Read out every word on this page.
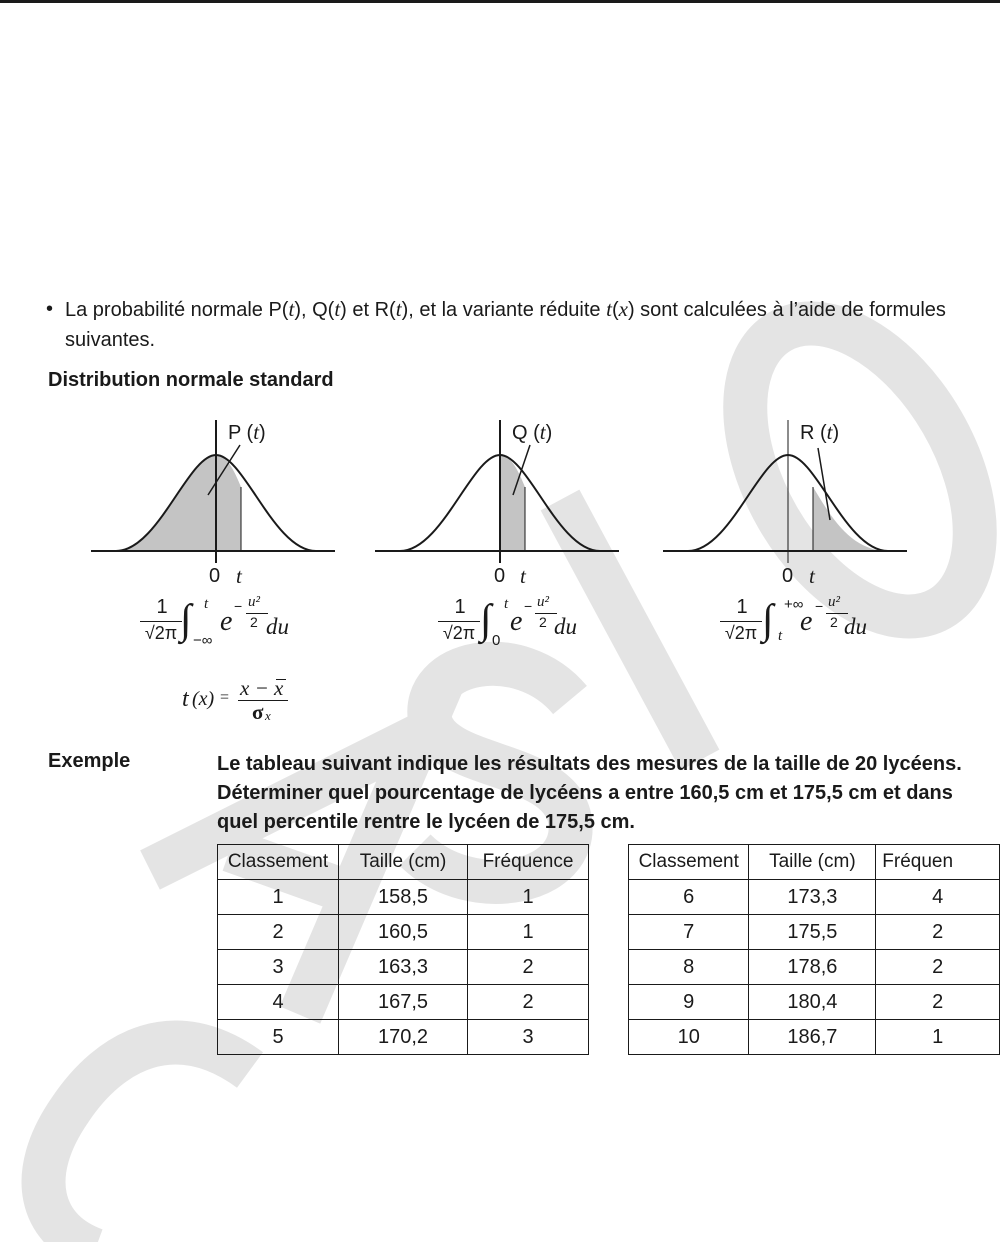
• La probabilité normale P(t), Q(t) et R(t), et la variante réduite t(x) sont calculées à l’aide de formules suivantes.
Distribution normale standard
P (t)
0 t
Q (t)
0 t
R (t)
0 t
1
√2π ∫ t
−∞
e − u²
2 du
1
√2π ∫ t
0
e − u²
2 du
1
√2π ∫ +∞
t e − u²
2 du
t (x) = x − x
σ x
Exemple	Le tableau suivant indique les résultats des mesures de la taille de 20 lycéens. Déterminer quel pourcentage de lycéens a entre 160,5 cm et 175,5 cm et dans quel percentile rentre le lycéen de 175,5 cm.
Classement	Taille (cm)	Fréquence
1	158,5	1
2	160,5	1
3	163,3	2
4	167,5	2
5	170,2	3
Classement	Taille (cm)	Fréquen
6	173,3	4
7	175,5	2
8	178,6	2
9	180,4	2
10	186,7	1
